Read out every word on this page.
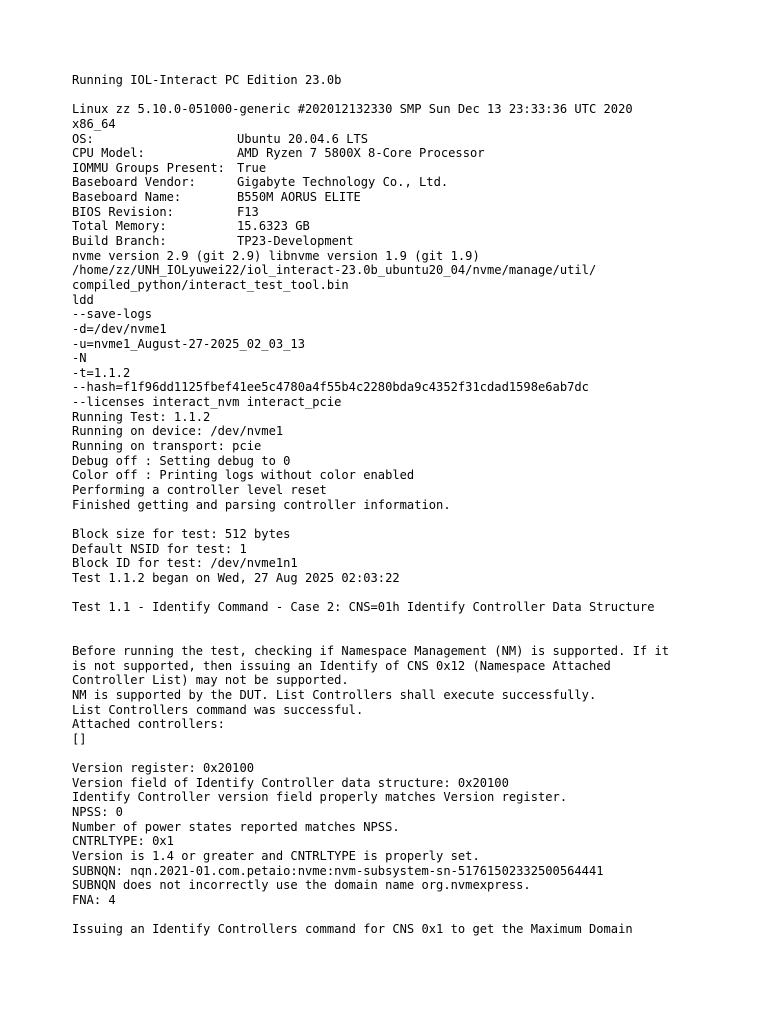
Running IOL-Interact PC Edition 23.0b
Linux zz 5.10.0-051000-generic #202012132330 SMP Sun Dec 13 23:33:36 UTC 2020
x86_64
OS:	Ubuntu 20.04.6 LTS
CPU Model:	AMD Ryzen 7 5800X 8-Core Processor
IOMMU Groups Present: True
Baseboard Vendor:	Gigabyte Technology Co., Ltd.
Baseboard Name:	B550M AORUS ELITE
BIOS Revision:	F13
Total Memory:	15.6323 GB
Build Branch:	TP23-Development
nvme version 2.9 (git 2.9) libnvme version 1.9 (git 1.9)
/home/zz/UNH_IOLyuwei22/iol_interact-23.0b_ubuntu20_04/nvme/manage/util/
compiled_python/interact_test_tool.bin
ldd
--save-logs
-d=/dev/nvme1
-u=nvme1_August-27-2025_02_03_13
-N
-t=1.1.2
--hash=f1f96dd1125fbef41ee5c4780a4f55b4c2280bda9c4352f31cdad1598e6ab7dc
--licenses interact_nvm interact_pcie
Running Test: 1.1.2
Running on device: /dev/nvme1
Running on transport: pcie
Debug off : Setting debug to 0
Color off : Printing logs without color enabled
Performing a controller level reset
Finished getting and parsing controller information.
Block size for test: 512 bytes
Default NSID for test: 1
Block ID for test: /dev/nvme1n1
Test 1.1.2 began on Wed, 27 Aug 2025 02:03:22
Test 1.1 - Identify Command - Case 2: CNS=01h Identify Controller Data Structure
Before running the test, checking if Namespace Management (NM) is supported. If it
is not supported, then issuing an Identify of CNS 0x12 (Namespace Attached
Controller List) may not be supported.
NM is supported by the DUT. List Controllers shall execute successfully.
List Controllers command was successful.
Attached controllers:
[]
Version register: 0x20100
Version field of Identify Controller data structure: 0x20100
Identify Controller version field properly matches Version register.
NPSS: 0
Number of power states reported matches NPSS.
CNTRLTYPE: 0x1
Version is 1.4 or greater and CNTRLTYPE is properly set.
SUBNQN: nqn.2021-01.com.petaio:nvme:nvm-subsystem-sn-51761502332500564441
SUBNQN does not incorrectly use the domain name org.nvmexpress.
FNA: 4
Issuing an Identify Controllers command for CNS 0x1 to get the Maximum Domain
